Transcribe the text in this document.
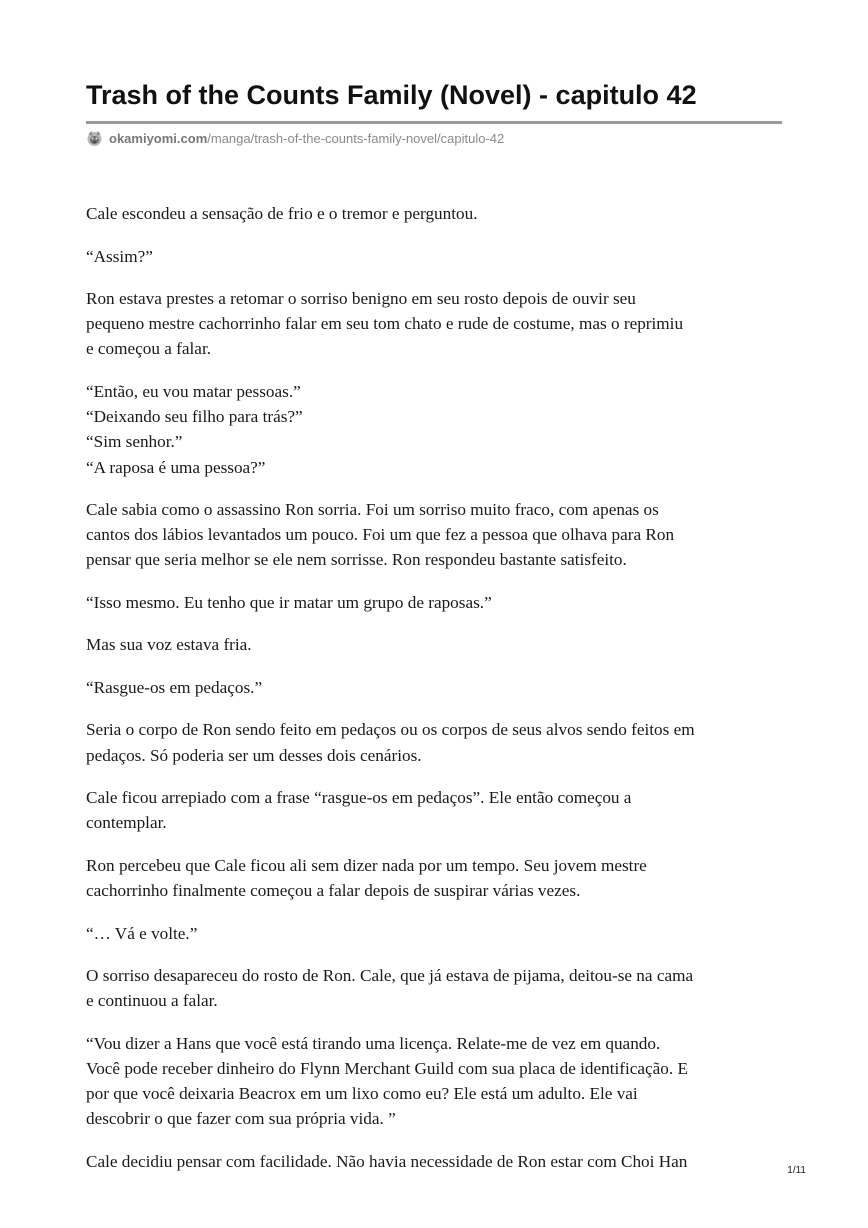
Trash of the Counts Family (Novel) - capitulo 42
okamiyomi.com /manga/trash-of-the-counts-family-novel/capitulo-42

Cale escondeu a sensação de frio e o tremor e perguntou.

“Assim?”

Ron estava prestes a retomar o sorriso benigno em seu rosto depois de ouvir seu
pequeno mestre cachorrinho falar em seu tom chato e rude de costume, mas o reprimiu
e começou a falar.

“Então, eu vou matar pessoas.”
“Deixando seu filho para trás?”
“Sim senhor.”
“A raposa é uma pessoa?”

Cale sabia como o assassino Ron sorria. Foi um sorriso muito fraco, com apenas os
cantos dos lábios levantados um pouco. Foi um que fez a pessoa que olhava para Ron
pensar que seria melhor se ele nem sorrisse. Ron respondeu bastante satisfeito.

“Isso mesmo. Eu tenho que ir matar um grupo de raposas.”

Mas sua voz estava fria.

“Rasgue-os em pedaços.”

Seria o corpo de Ron sendo feito em pedaços ou os corpos de seus alvos sendo feitos em
pedaços. Só poderia ser um desses dois cenários.

Cale ficou arrepiado com a frase “rasgue-os em pedaços”. Ele então começou a
contemplar.

Ron percebeu que Cale ficou ali sem dizer nada por um tempo. Seu jovem mestre
cachorrinho finalmente começou a falar depois de suspirar várias vezes.

“… Vá e volte.”

O sorriso desapareceu do rosto de Ron. Cale, que já estava de pijama, deitou-se na cama
e continuou a falar.

“Vou dizer a Hans que você está tirando uma licença. Relate-me de vez em quando.
Você pode receber dinheiro do Flynn Merchant Guild com sua placa de identificação. E
por que você deixaria Beacrox em um lixo como eu? Ele está um adulto. Ele vai
descobrir o que fazer com sua própria vida. ”

Cale decidiu pensar com facilidade. Não havia necessidade de Ron estar com Choi Han	1/11
